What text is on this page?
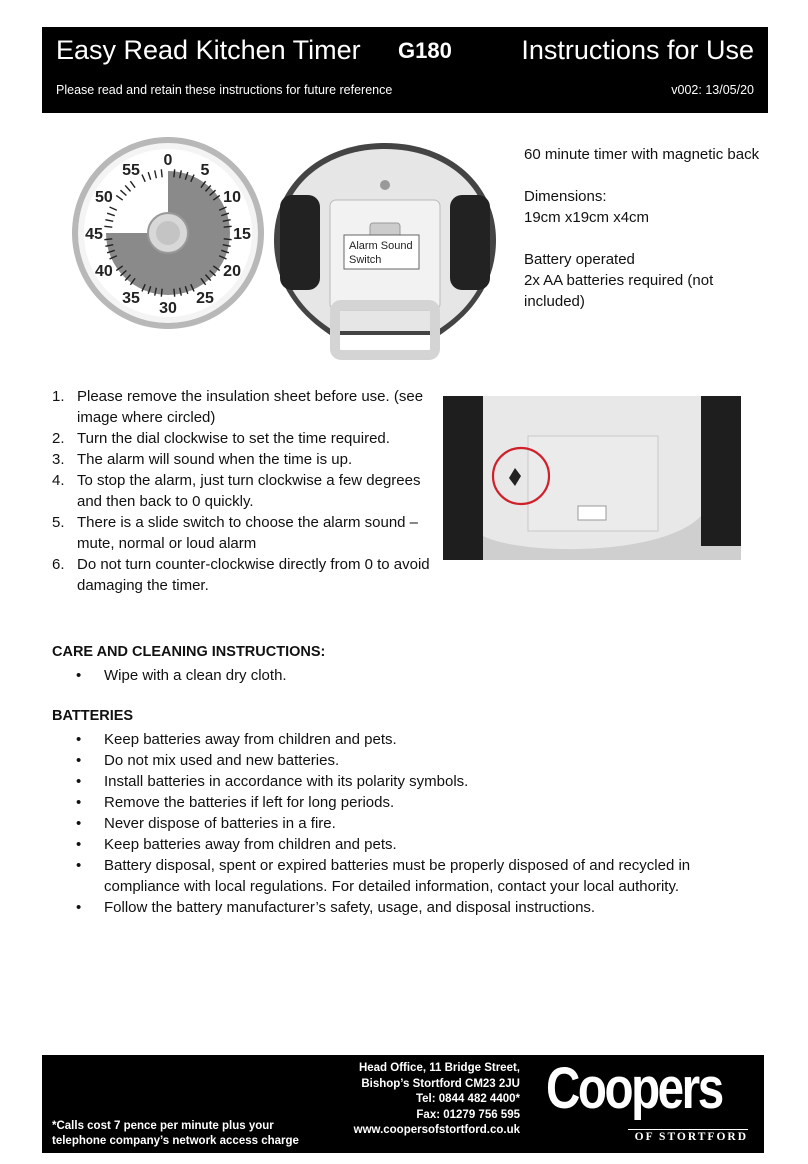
Easy Read Kitchen Timer G180	Instructions for Use
Please read and retain these instructions for future reference	v002: 13/05/20
0
5
10
15
20
25
30
35
40
45
50
55
Alarm Sound
Switch

60 minute timer with magnetic back

Dimensions:
19cm x19cm x4cm

Battery operated
2x AA batteries required (not included)

1. Please remove the insulation sheet before use. (see image where circled)
2. Turn the dial clockwise to set the time required.
3. The alarm will sound when the time is up.
4. To stop the alarm, just turn clockwise a few degrees and then back to 0 quickly.
5. There is a slide switch to choose the alarm sound – mute, normal or loud alarm
6. Do not turn counter-clockwise directly from 0 to avoid damaging the timer.
CARE AND CLEANING INSTRUCTIONS:
• Wipe with a clean dry cloth.
BATTERIES
• Keep batteries away from children and pets.
• Do not mix used and new batteries.
• Install batteries in accordance with its polarity symbols.
• Remove the batteries if left for long periods.
• Never dispose of batteries in a fire.
• Keep batteries away from children and pets.
• Battery disposal, spent or expired batteries must be properly disposed of and recycled in compliance with local regulations. For detailed information, contact your local authority.
• Follow the battery manufacturer’s safety, usage, and disposal instructions.
*Calls cost 7 pence per minute plus your
telephone company’s network access charge
Head Office, 11 Bridge Street,
Bishop’s Stortford CM23 2JU
Tel: 0844 482 4400*
Fax: 01279 756 595
www.coopersofstortford.co.uk
Coopers
OF STORTFORD
